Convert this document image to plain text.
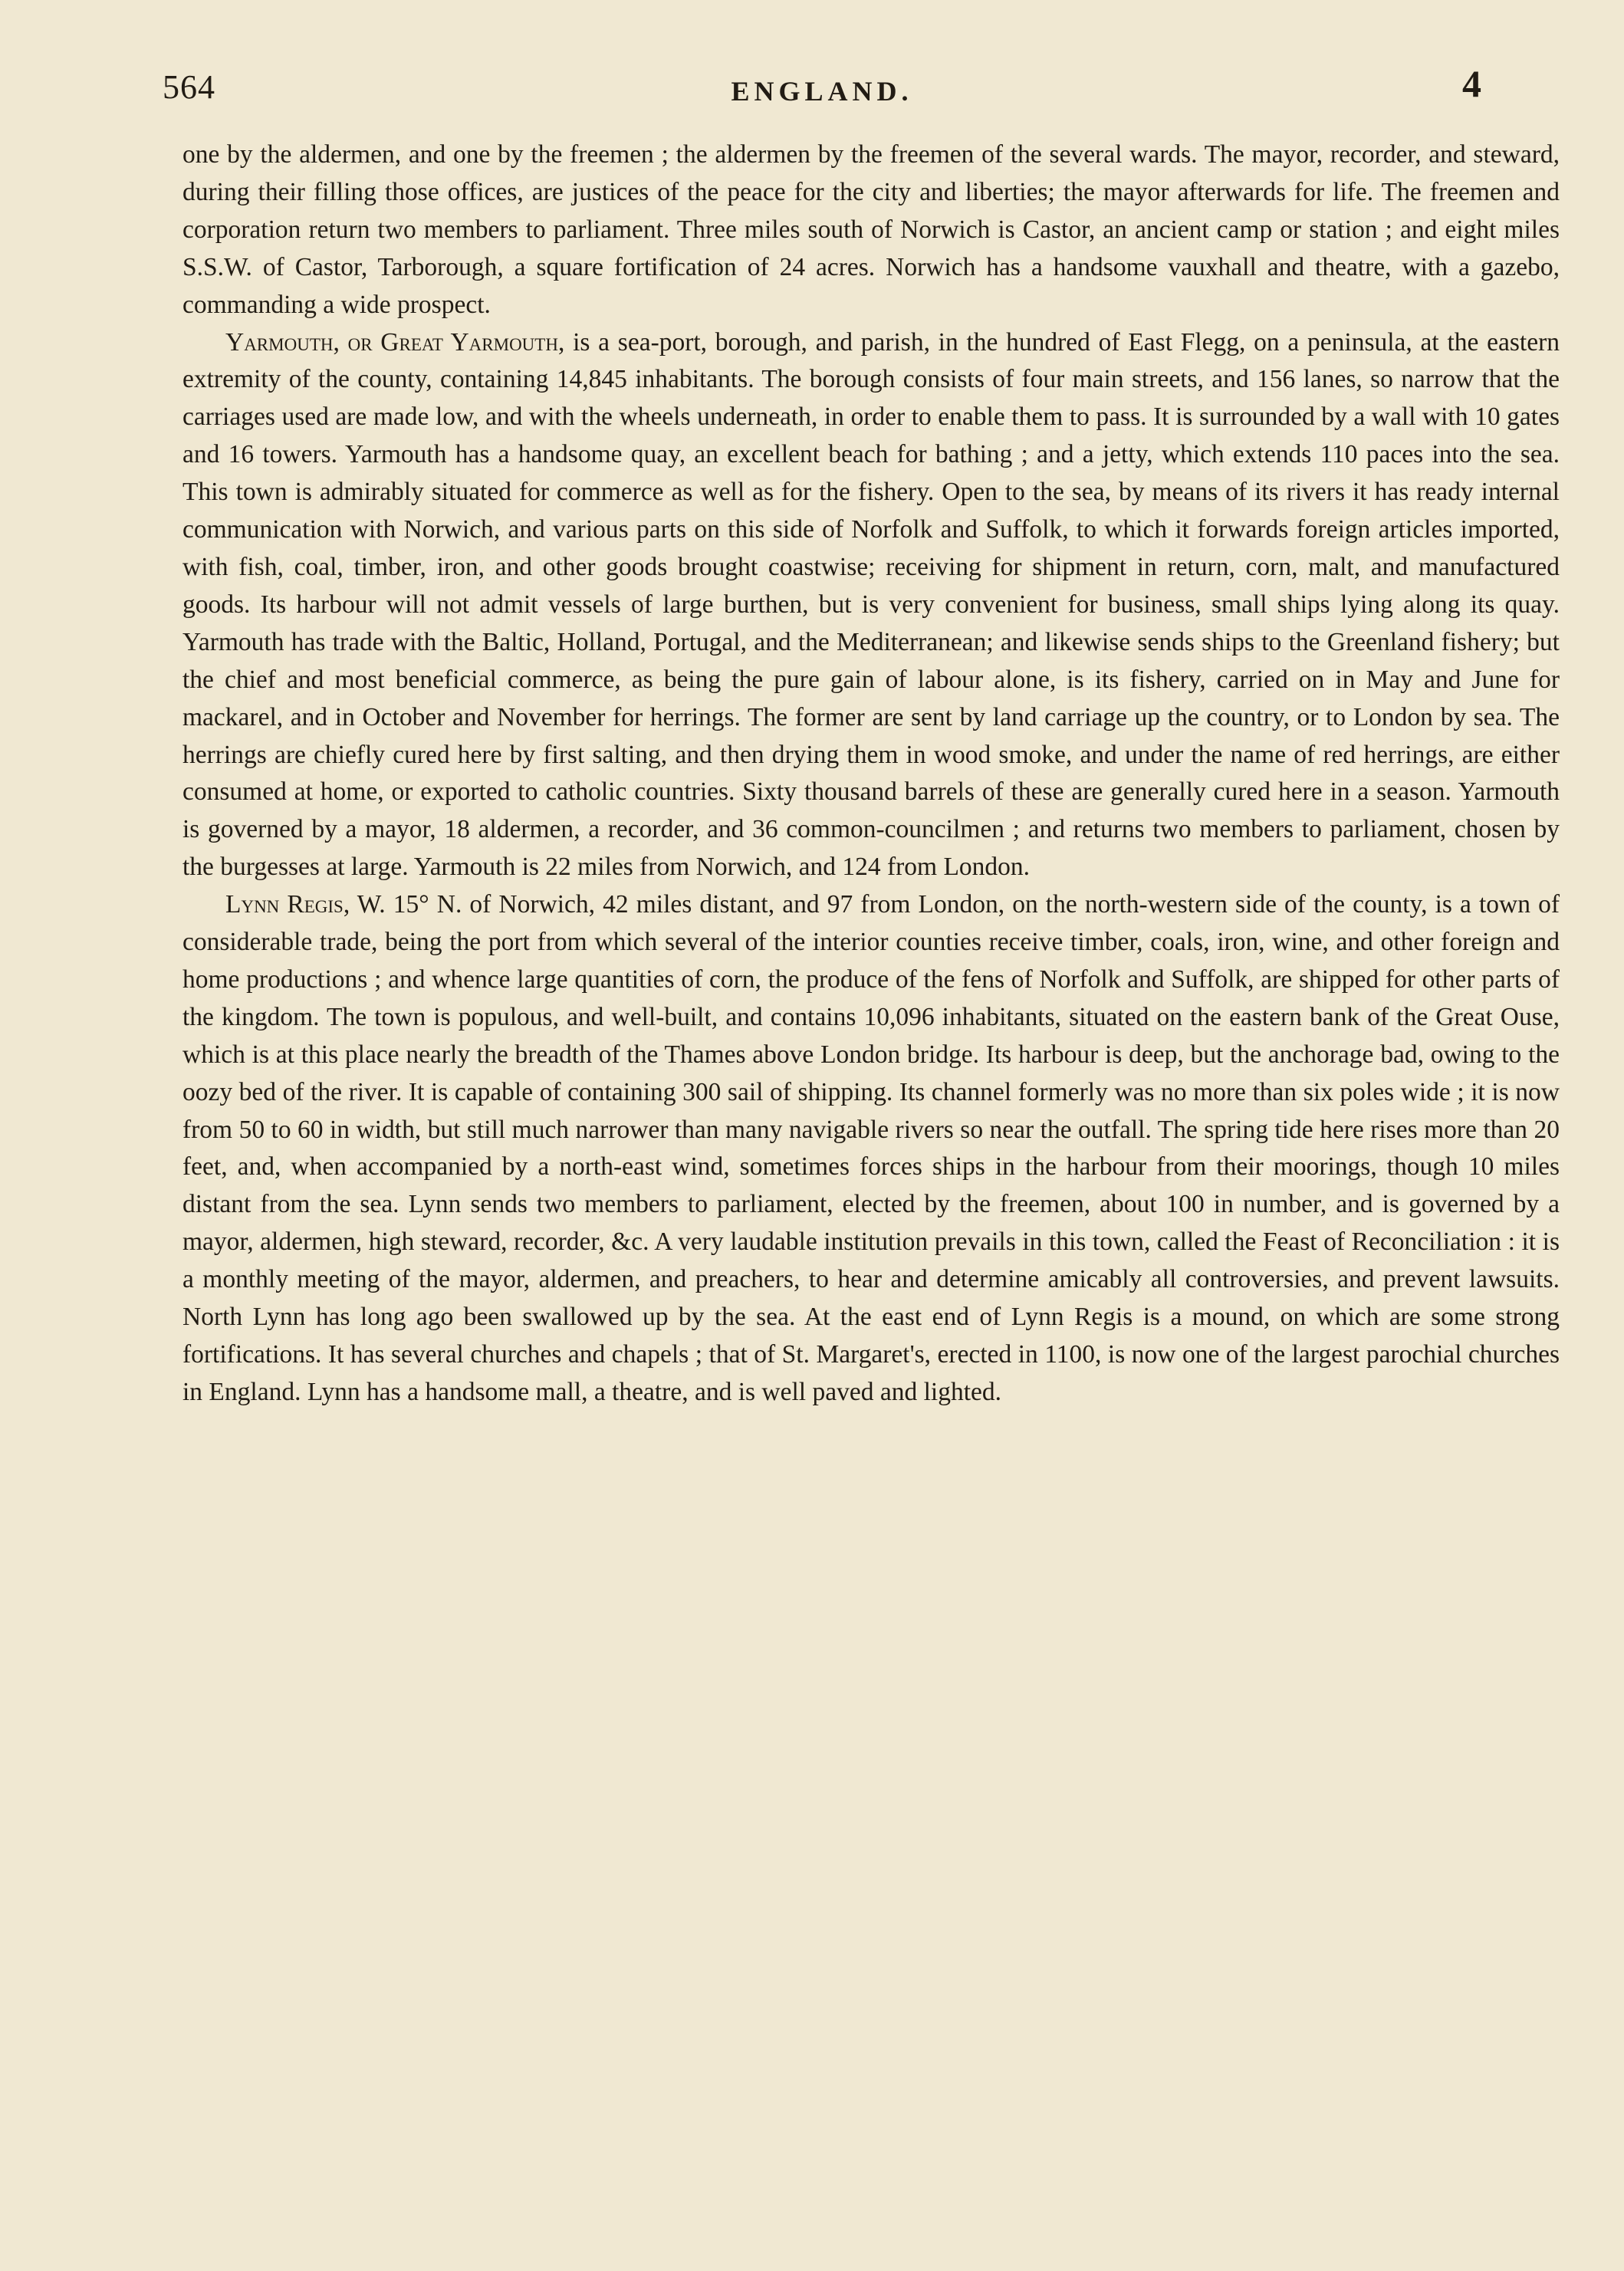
564	ENGLAND.	4

one by the aldermen, and one by the freemen ; the aldermen by the freemen of the several wards. The mayor, recorder, and steward, during their filling those offices, are justices of the peace for the city and liberties; the mayor afterwards for life. The freemen and corporation return two members to parliament. Three miles south of Norwich is Castor, an ancient camp or station ; and eight miles S.S.W. of Castor, Tarborough, a square fortification of 24 acres. Norwich has a handsome vauxhall and theatre, with a gazebo, commanding a wide prospect.

Yarmouth, or Great Yarmouth, is a sea-port, borough, and parish, in the hundred of East Flegg, on a peninsula, at the eastern extremity of the county, containing 14,845 inhabitants. The borough consists of four main streets, and 156 lanes, so narrow that the carriages used are made low, and with the wheels underneath, in order to enable them to pass. It is surrounded by a wall with 10 gates and 16 towers. Yarmouth has a handsome quay, an excellent beach for bathing ; and a jetty, which extends 110 paces into the sea. This town is admirably situated for commerce as well as for the fishery. Open to the sea, by means of its rivers it has ready internal communication with Norwich, and various parts on this side of Norfolk and Suffolk, to which it forwards foreign articles imported, with fish, coal, timber, iron, and other goods brought coastwise; receiving for shipment in return, corn, malt, and manufactured goods. Its harbour will not admit vessels of large burthen, but is very convenient for business, small ships lying along its quay. Yarmouth has trade with the Baltic, Holland, Portugal, and the Mediterranean; and likewise sends ships to the Greenland fishery; but the chief and most beneficial commerce, as being the pure gain of labour alone, is its fishery, carried on in May and June for mackarel, and in October and November for herrings. The former are sent by land carriage up the country, or to London by sea. The herrings are chiefly cured here by first salting, and then drying them in wood smoke, and under the name of red herrings, are either consumed at home, or exported to catholic countries. Sixty thousand barrels of these are generally cured here in a season. Yarmouth is governed by a mayor, 18 aldermen, a recorder, and 36 common-councilmen ; and returns two members to parliament, chosen by the burgesses at large. Yarmouth is 22 miles from Norwich, and 124 from London.

Lynn Regis, W. 15° N. of Norwich, 42 miles distant, and 97 from London, on the north-western side of the county, is a town of considerable trade, being the port from which several of the interior counties receive timber, coals, iron, wine, and other foreign and home productions ; and whence large quantities of corn, the produce of the fens of Norfolk and Suffolk, are shipped for other parts of the kingdom. The town is populous, and well-built, and contains 10,096 inhabitants, situated on the eastern bank of the Great Ouse, which is at this place nearly the breadth of the Thames above London bridge. Its harbour is deep, but the anchorage bad, owing to the oozy bed of the river. It is capable of containing 300 sail of shipping. Its channel formerly was no more than six poles wide ; it is now from 50 to 60 in width, but still much narrower than many navigable rivers so near the outfall. The spring tide here rises more than 20 feet, and, when accompanied by a north-east wind, sometimes forces ships in the harbour from their moorings, though 10 miles distant from the sea. Lynn sends two members to parliament, elected by the freemen, about 100 in number, and is governed by a mayor, aldermen, high steward, recorder, &c. A very laudable institution prevails in this town, called the Feast of Reconciliation : it is a monthly meeting of the mayor, aldermen, and preachers, to hear and determine amicably all controversies, and prevent lawsuits. North Lynn has long ago been swallowed up by the sea. At the east end of Lynn Regis is a mound, on which are some strong fortifications. It has several churches and chapels ; that of St. Margaret's, erected in 1100, is now one of the largest parochial churches in England. Lynn has a handsome mall, a theatre, and is well paved and lighted.
